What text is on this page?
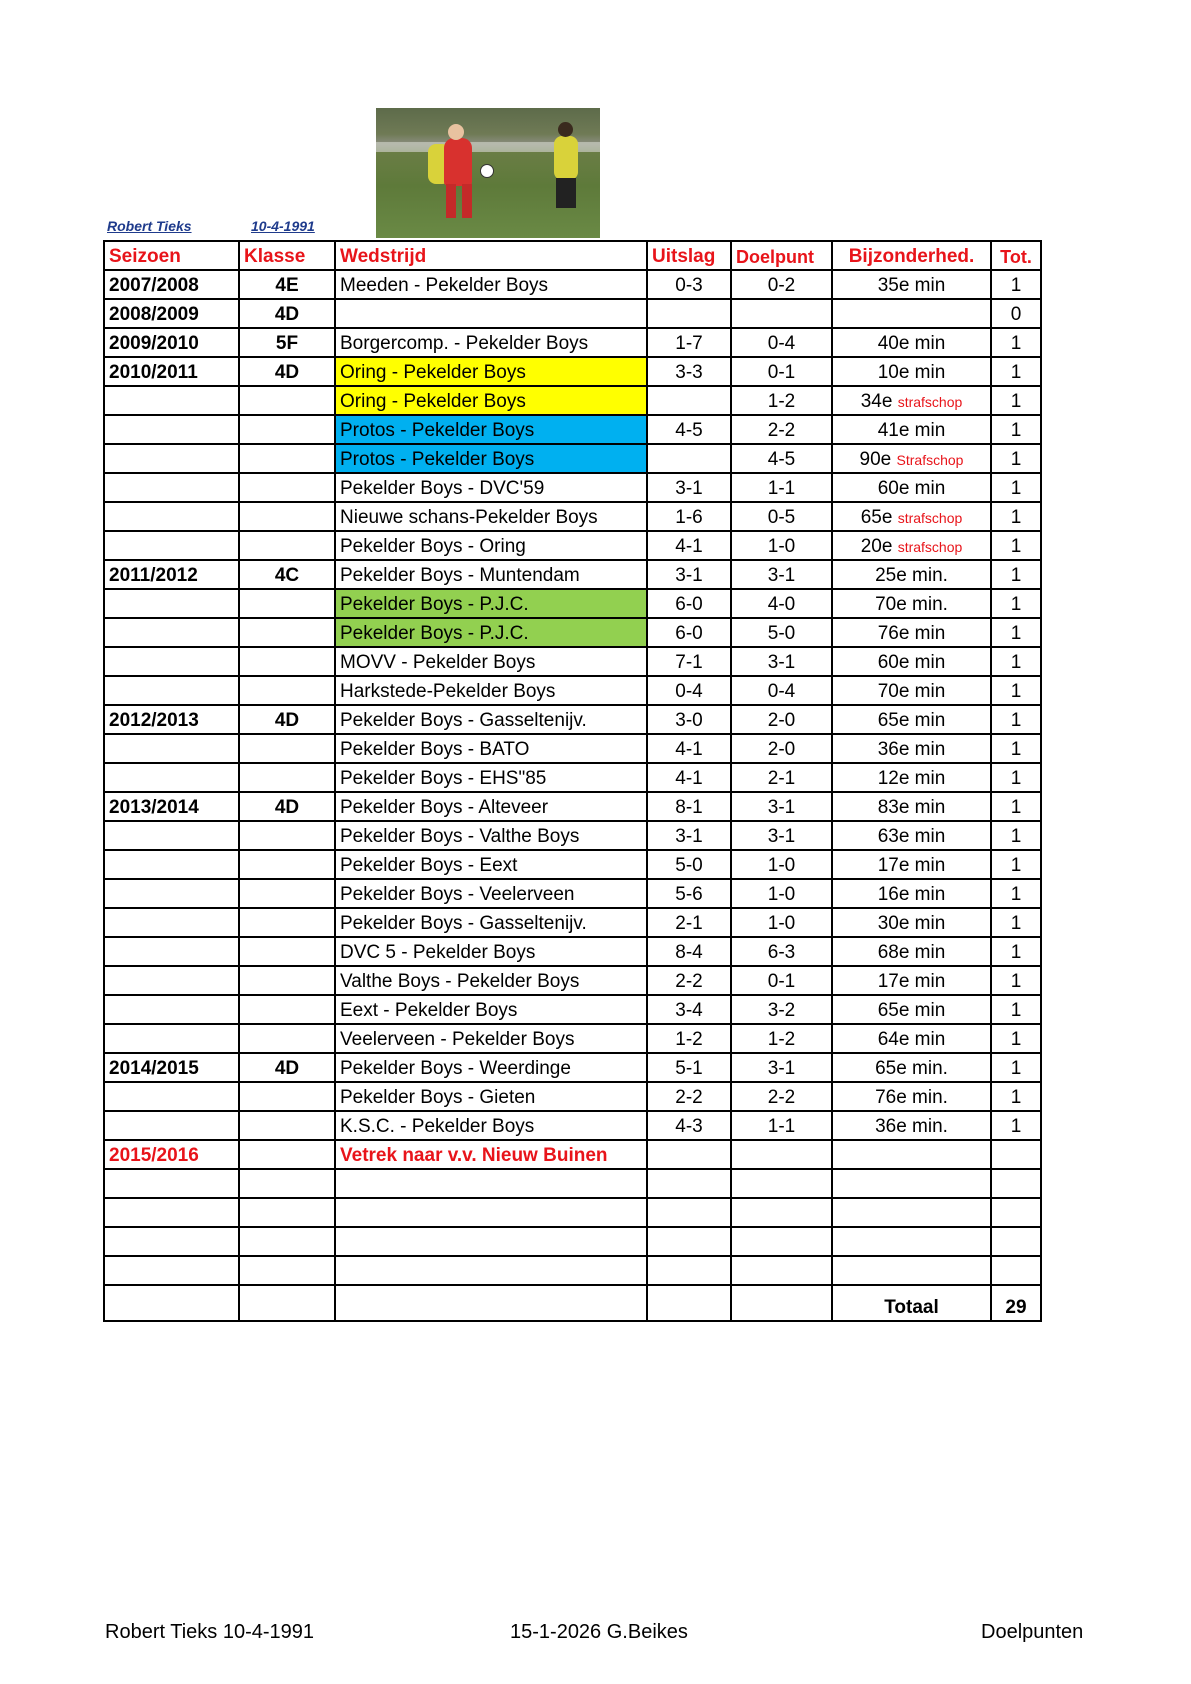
Robert Tieks	10-4-1991
Seizoen	Klasse	Wedstrijd	Uitslag	Doelpunt	Bijzonderhed.	Tot.
2007/2008	4E	Meeden - Pekelder Boys	0-3	0-2	35e min	1
2008/2009	4D					0
2009/2010	5F	Borgercomp. - Pekelder Boys	1-7	0-4	40e min	1
2010/2011	4D	Oring - Pekelder Boys	3-3	0-1	10e min	1
		Oring - Pekelder Boys		1-2	34e strafschop	1
		Protos - Pekelder Boys	4-5	2-2	41e min	1
		Protos - Pekelder Boys		4-5	90e Strafschop	1
		Pekelder Boys - DVC'59	3-1	1-1	60e min	1
		Nieuwe schans-Pekelder Boys	1-6	0-5	65e strafschop	1
		Pekelder Boys - Oring	4-1	1-0	20e strafschop	1
2011/2012	4C	Pekelder Boys - Muntendam	3-1	3-1	25e min.	1
		Pekelder Boys - P.J.C.	6-0	4-0	70e min.	1
		Pekelder Boys - P.J.C.	6-0	5-0	76e min	1
		MOVV - Pekelder Boys	7-1	3-1	60e min	1
		Harkstede-Pekelder Boys	0-4	0-4	70e min	1
2012/2013	4D	Pekelder Boys - Gasseltenijv.	3-0	2-0	65e min	1
		Pekelder Boys - BATO	4-1	2-0	36e min	1
		Pekelder Boys - EHS"85	4-1	2-1	12e min	1
2013/2014	4D	Pekelder Boys - Alteveer	8-1	3-1	83e min	1
		Pekelder Boys - Valthe Boys	3-1	3-1	63e min	1
		Pekelder Boys - Eext	5-0	1-0	17e min	1
		Pekelder Boys - Veelerveen	5-6	1-0	16e min	1
		Pekelder Boys - Gasseltenijv.	2-1	1-0	30e min	1
		DVC 5 - Pekelder Boys	8-4	6-3	68e min	1
		Valthe Boys - Pekelder Boys	2-2	0-1	17e min	1
		Eext - Pekelder Boys	3-4	3-2	65e min	1
		Veelerveen - Pekelder Boys	1-2	1-2	64e min	1
2014/2015	4D	Pekelder Boys - Weerdinge	5-1	3-1	65e min.	1
		Pekelder Boys - Gieten	2-2	2-2	76e min.	1
		K.S.C. - Pekelder Boys	4-3	1-1	36e min.	1
2015/2016		Vetrek naar v.v. Nieuw Buinen				

					Totaal	29
Robert Tieks 10-4-1991	15-1-2026 G.Beikes	Doelpunten
